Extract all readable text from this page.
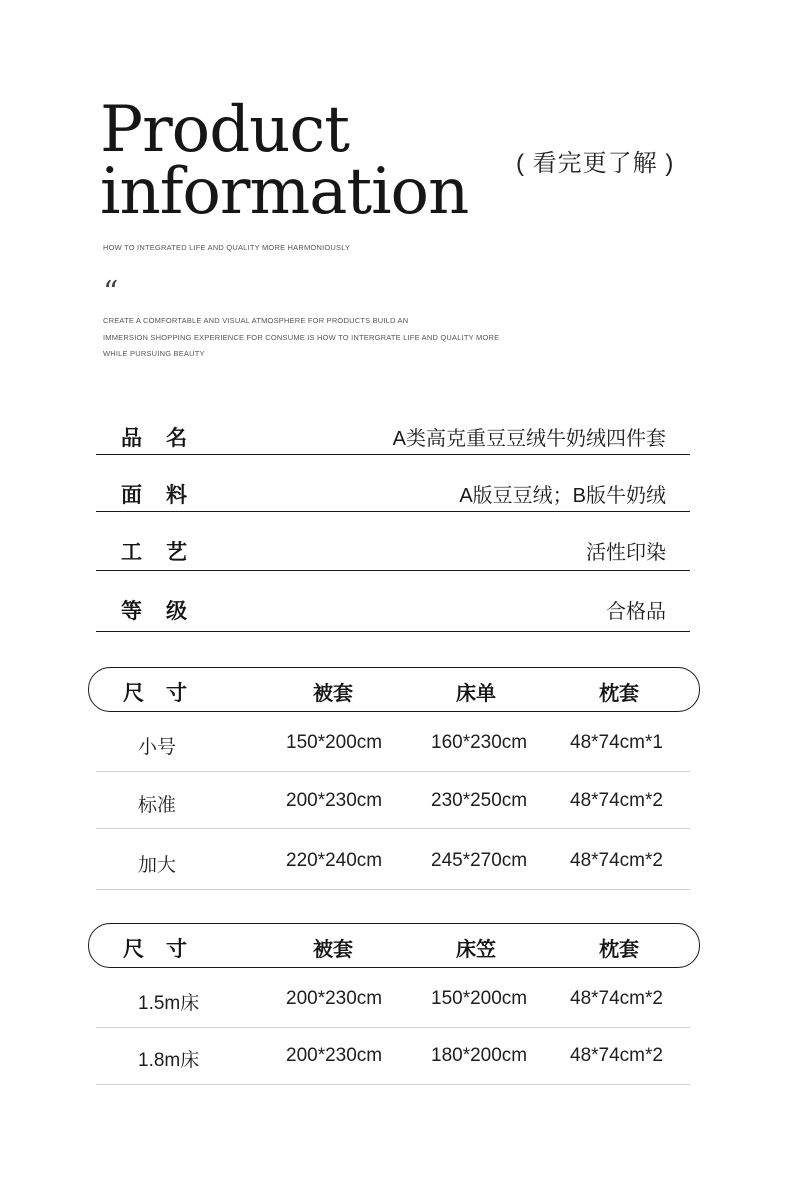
Product
information ( 看完更了解 )
HOW TO INTEGRATED LIFE AND QUALITY MORE HARMONIOUSLY
“
CREATE A COMFORTABLE AND VISUAL ATMOSPHERE FOR PRODUCTS BUILD AN
IMMERSION SHOPPING EXPERIENCE FOR CONSUME IS HOW TO INTERGRATE LIFE AND QUALITY MORE
WHILE PURSUING BEAUTY
品名	A类高克重豆豆绒牛奶绒四件套
面料	A版豆豆绒；B版牛奶绒
工艺	活性印染
等级	合格品
尺寸	被套	床单	枕套
小号	150*200cm	160*230cm 48*74cm*1
标准	200*230cm	230*250cm 48*74cm*2
加大	220*240cm	245*270cm 48*74cm*2
尺寸	被套	床笠	枕套
1.5m床	200*230cm	150*200cm 48*74cm*2
1.8m床	200*230cm	180*200cm 48*74cm*2
